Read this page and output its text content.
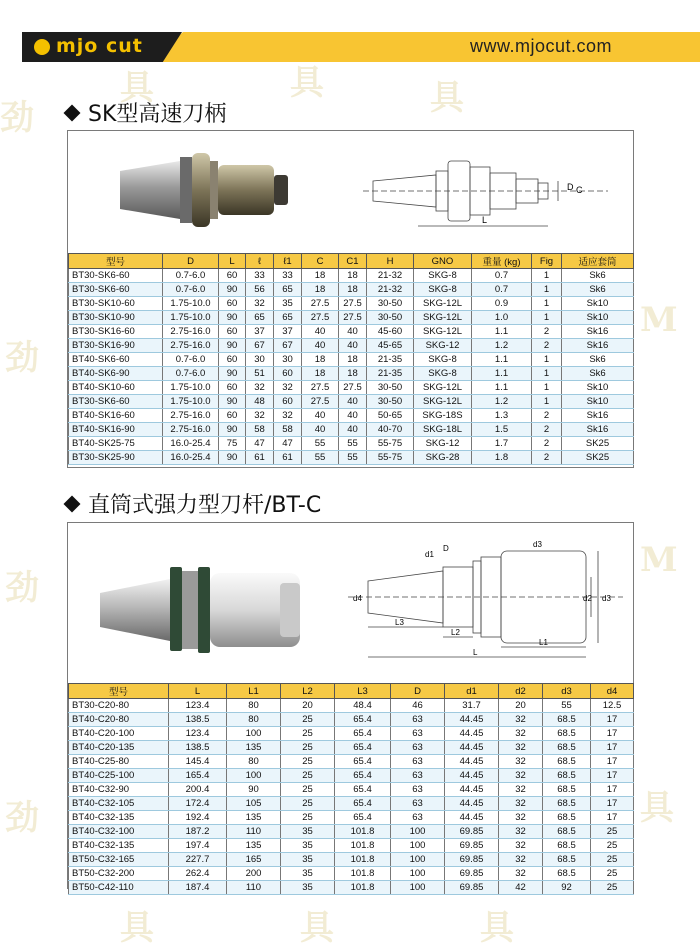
劲
具	具	具
劲
M
劲
M
劲	具
具	具	具
mjo cut	www.mjocut.com
SK型高速刀柄
D C
L
型号	D	L	ℓ	ℓ1	C	C1	H	GNO	重量 (kg)	Fig	适应套筒
BT30-SK6-60	0.7-6.0	60	33	33	18	18	21-32	SKG-8	0.7	1	Sk6
BT30-SK6-60	0.7-6.0	90	56	65	18	18	21-32	SKG-8	0.7	1	Sk6
BT30-SK10-60	1.75-10.0	60	32	35	27.5	27.5	30-50	SKG-12L	0.9	1	Sk10
BT30-SK10-90	1.75-10.0	90	65	65	27.5	27.5	30-50	SKG-12L	1.0	1	Sk10
BT30-SK16-60	2.75-16.0	60	37	37	40	40	45-60	SKG-12L	1.1	2	Sk16
BT30-SK16-90	2.75-16.0	90	67	67	40	40	45-65	SKG-12	1.2	2	Sk16
BT40-SK6-60	0.7-6.0	60	30	30	18	18	21-35	SKG-8	1.1	1	Sk6
BT40-SK6-90	0.7-6.0	90	51	60	18	18	21-35	SKG-8	1.1	1	Sk6
BT40-SK10-60	1.75-10.0	60	32	32	27.5	27.5	30-50	SKG-12L	1.1	1	Sk10
BT30-SK6-60	1.75-10.0	90	48	60	27.5	40	30-50	SKG-12L	1.2	1	Sk10
BT40-SK16-60	2.75-16.0	60	32	32	40	40	50-65	SKG-18S	1.3	2	Sk16
BT40-SK16-90	2.75-16.0	90	58	58	40	40	40-70	SKG-18L	1.5	2	Sk16
BT40-SK25-75	16.0-25.4	75	47	47	55	55	55-75	SKG-12	1.7	2	SK25
BT30-SK25-90	16.0-25.4	90	61	61	55	55	55-75	SKG-28	1.8	2	SK25
直筒式强力型刀杆/BT-C
d1
D	d3
d2 d3
d4
L3
L2
L1
L
型号	L	L1	L2	L3	D	d1	d2	d3	d4
BT30-C20-80	123.4	80	20	48.4	46	31.7	20	55	12.5
BT40-C20-80	138.5	80	25	65.4	63	44.45	32	68.5	17
BT40-C20-100	123.4	100	25	65.4	63	44.45	32	68.5	17
BT40-C20-135	138.5	135	25	65.4	63	44.45	32	68.5	17
BT40-C25-80	145.4	80	25	65.4	63	44.45	32	68.5	17
BT40-C25-100	165.4	100	25	65.4	63	44.45	32	68.5	17
BT40-C32-90	200.4	90	25	65.4	63	44.45	32	68.5	17
BT40-C32-105	172.4	105	25	65.4	63	44.45	32	68.5	17
BT40-C32-135	192.4	135	25	65.4	63	44.45	32	68.5	17
BT40-C32-100	187.2	110	35	101.8	100	69.85	32	68.5	25
BT40-C32-135	197.4	135	35	101.8	100	69.85	32	68.5	25
BT50-C32-165	227.7	165	35	101.8	100	69.85	32	68.5	25
BT50-C32-200	262.4	200	35	101.8	100	69.85	32	68.5	25
BT50-C42-110	187.4	110	35	101.8	100	69.85	42	92	25
